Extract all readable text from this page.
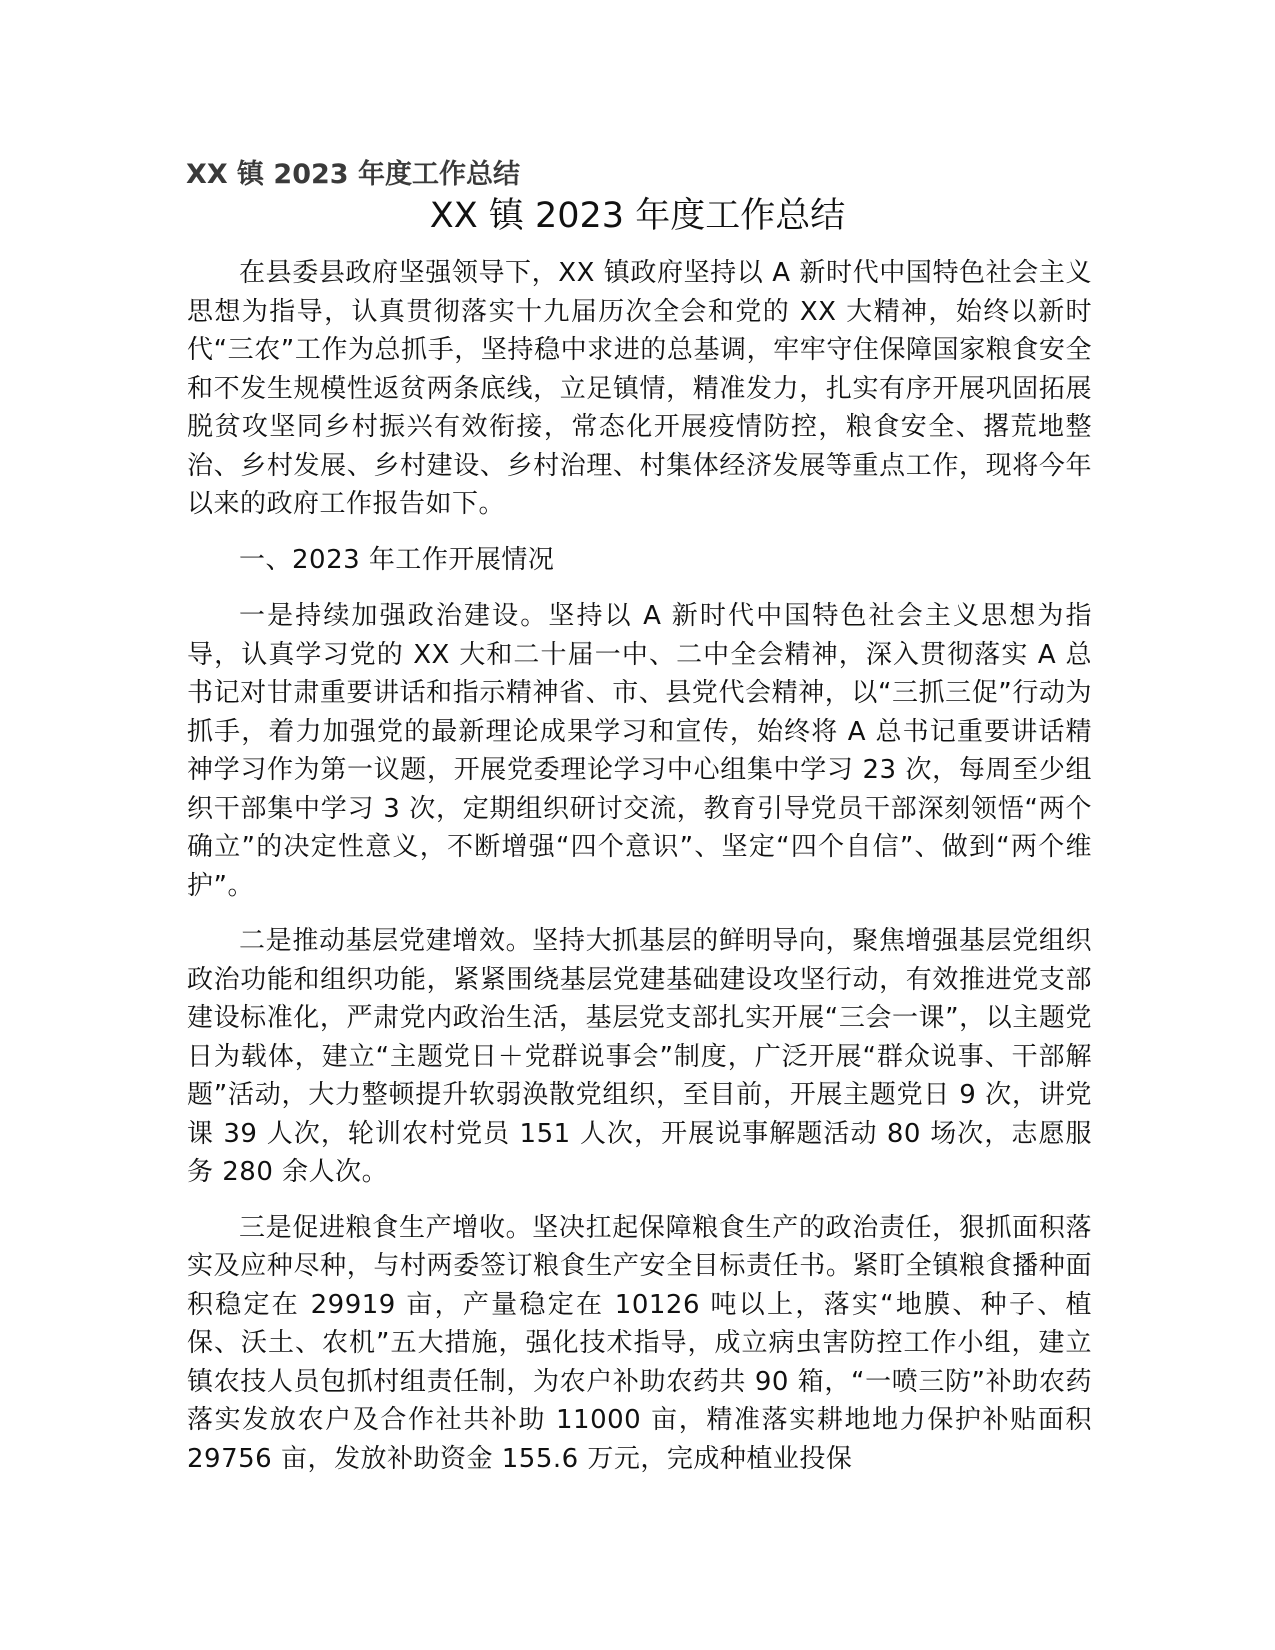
XX 镇 2023 年度工作总结
XX 镇 2023 年度工作总结

在县委县政府坚强领导下，XX 镇政府坚持以 A 新时代中国特色社会主义思想为指导，认真贯彻落实十九届历次全会和党的 XX 大精神，始终以新时代“三农”工作为总抓手，坚持稳中求进的总基调，牢牢守住保障国家粮食安全和不发生规模性返贫两条底线，立足镇情，精准发力，扎实有序开展巩固拓展脱贫攻坚同乡村振兴有效衔接，常态化开展疫情防控，粮食安全、撂荒地整治、乡村发展、乡村建设、乡村治理、村集体经济发展等重点工作，现将今年以来的政府工作报告如下。

一、2023 年工作开展情况

一是持续加强政治建设。坚持以 A 新时代中国特色社会主义思想为指导，认真学习党的 XX 大和二十届一中、二中全会精神，深入贯彻落实 A 总书记对甘肃重要讲话和指示精神省、市、县党代会精神，以“三抓三促”行动为抓手，着力加强党的最新理论成果学习和宣传，始终将 A 总书记重要讲话精神学习作为第一议题，开展党委理论学习中心组集中学习 23 次，每周至少组织干部集中学习 3 次，定期组织研讨交流，教育引导党员干部深刻领悟“两个确立”的决定性意义，不断增强“四个意识”、坚定“四个自信”、做到“两个维护”。

二是推动基层党建增效。坚持大抓基层的鲜明导向，聚焦增强基层党组织政治功能和组织功能，紧紧围绕基层党建基础建设攻坚行动，有效推进党支部建设标准化，严肃党内政治生活，基层党支部扎实开展“三会一课”，以主题党日为载体，建立“主题党日＋党群说事会”制度，广泛开展“群众说事、干部解题”活动，大力整顿提升软弱涣散党组织，至目前，开展主题党日 9 次，讲党课 39 人次，轮训农村党员 151 人次，开展说事解题活动 80 场次，志愿服务 280 余人次。

三是促进粮食生产增收。坚决扛起保障粮食生产的政治责任，狠抓面积落实及应种尽种，与村两委签订粮食生产安全目标责任书。紧盯全镇粮食播种面积稳定在 29919 亩，产量稳定在 10126 吨以上，落实“地膜、种子、植保、沃土、农机”五大措施，强化技术指导，成立病虫害防控工作小组，建立镇农技人员包抓村组责任制，为农户补助农药共 90 箱，“一喷三防”补助农药落实发放农户及合作社共补助 11000 亩，精准落实耕地地力保护补贴面积 29756 亩，发放补助资金 155.6 万元，完成种植业投保
